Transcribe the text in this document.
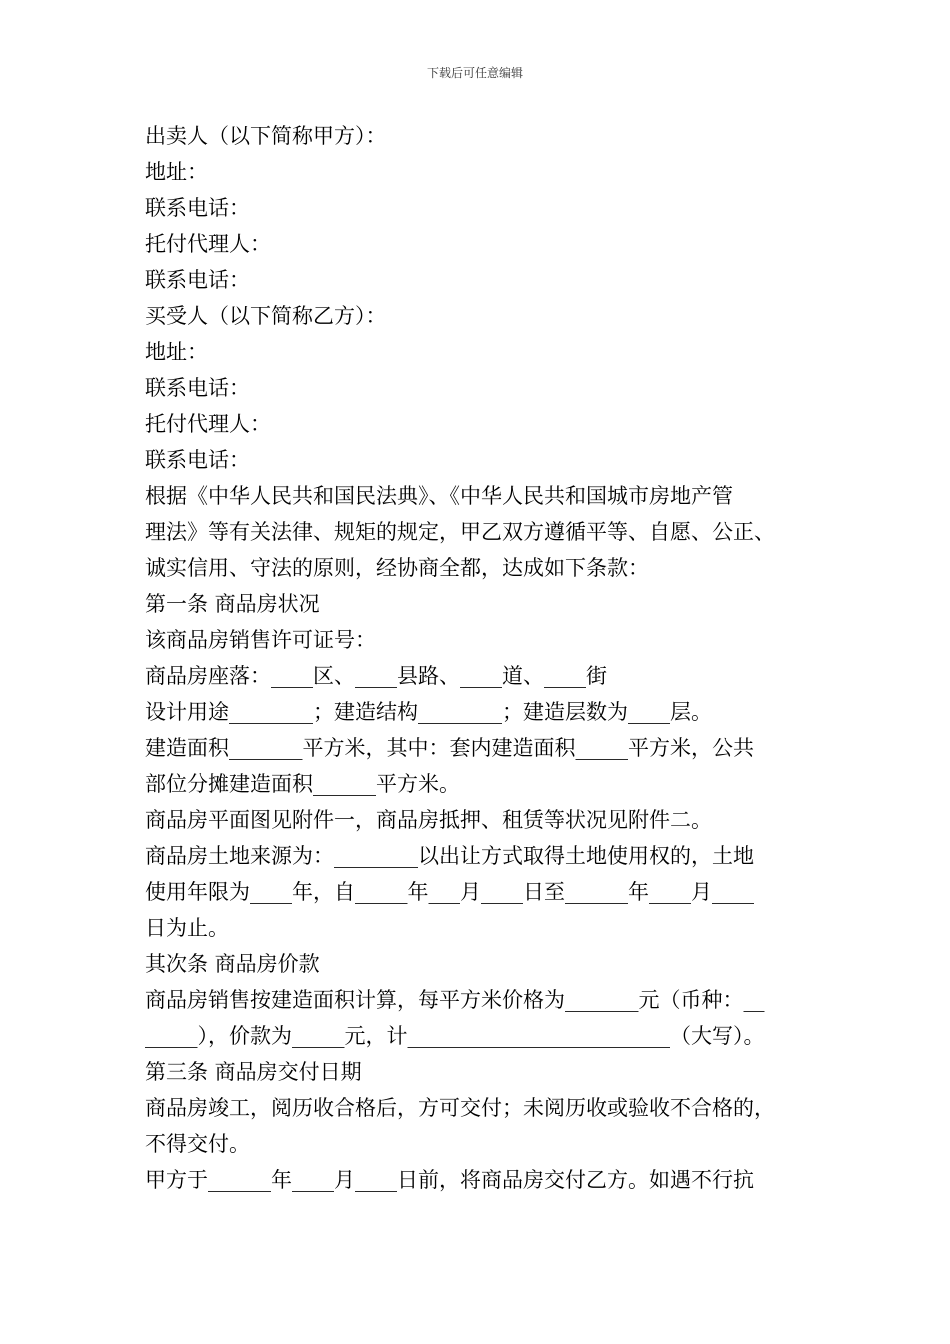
下载后可任意编辑
出卖人（以下简称甲方）：
地址：
联系电话：
托付代理人：
联系电话：
买受人（以下简称乙方）：
地址：
联系电话：
托付代理人：
联系电话：
根据《中华人民共和国民法典》、《中华人民共和国城市房地产管
理法》等有关法律、规矩的规定，甲乙双方遵循平等、自愿、公正、
诚实信用、守法的原则，经协商全都，达成如下条款：
第一条 商品房状况
该商品房销售许可证号：
商品房座落：____区、____县路、____道、____街
设计用途________；建造结构________；建造层数为____层。
建造面积_______平方米，其中：套内建造面积_____平方米，公共
部位分摊建造面积______平方米。
商品房平面图见附件一，商品房抵押、租赁等状况见附件二。
商品房土地来源为：________以出让方式取得土地使用权的，土地
使用年限为____年，自_____年___月____日至______年____月____
日为止。
其次条 商品房价款
商品房销售按建造面积计算，每平方米价格为_______元（币种：__
_____），价款为_____元，计_________________________（大写）。
第三条 商品房交付日期
商品房竣工，阅历收合格后，方可交付；未阅历收或验收不合格的，
不得交付。
甲方于______年____月____日前，将商品房交付乙方。如遇不行抗
